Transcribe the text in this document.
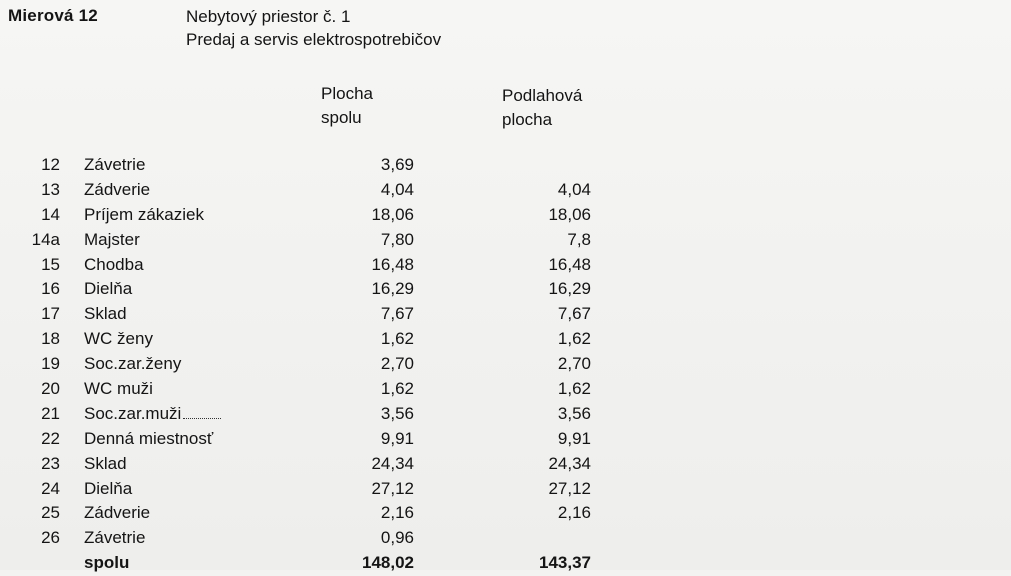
Mierová 12	Nebytový priestor č. 1
Predaj a servis elektrospotrebičov
Plocha
spolu
Podlahová
plocha
12 Závetrie	3,69
13 Zádverie	4,04	4,04
14 Príjem zákaziek	18,06	18,06
14a Majster	7,80	7,8
15 Chodba	16,48	16,48
16 Dielňa	16,29	16,29
17 Sklad	7,67	7,67
18 WC ženy	1,62	1,62
19 Soc.zar.ženy	2,70	2,70
20 WC muži	1,62	1,62
21 Soc.zar.muži	3,56	3,56
22 Denná miestnosť	9,91	9,91
23 Sklad	24,34	24,34
24 Dielňa	27,12	27,12
25 Zádverie	2,16	2,16
26 Závetrie	0,96
spolu	148,02	143,37
